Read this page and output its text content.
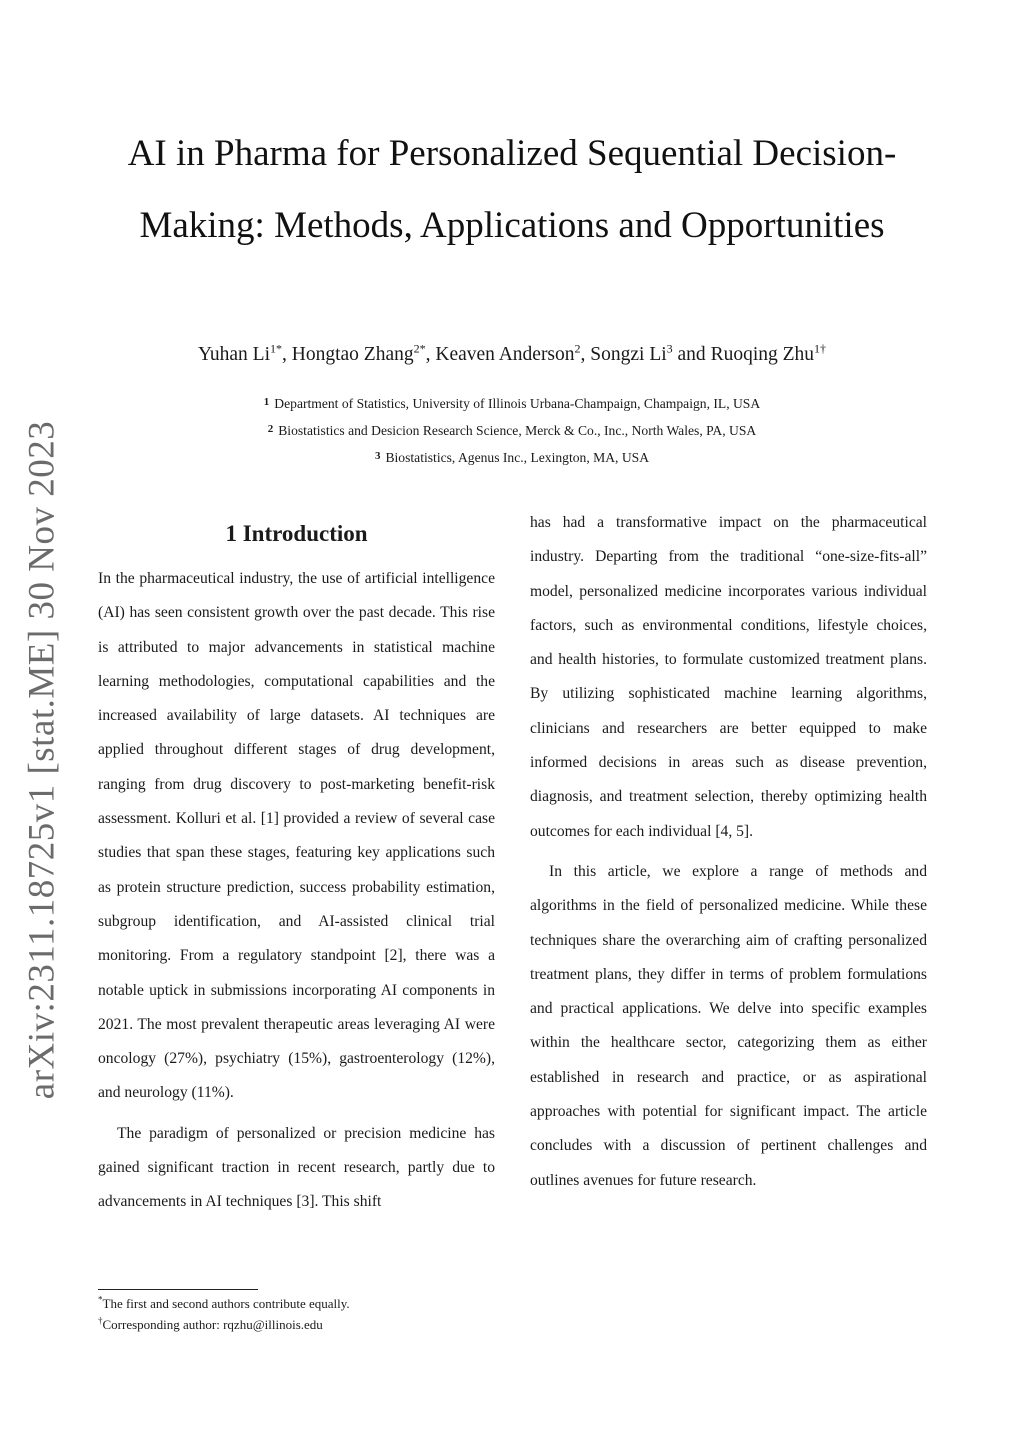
arXiv:2311.18725v1 [stat.ME] 30 Nov 2023
AI in Pharma for Personalized Sequential Decision-Making: Methods, Applications and Opportunities
Yuhan $Li^{1*}$, Hongtao Zhang$^{2*}$, Keaven Anderson$^2$, Songzi Li$^3$ and Ruoqing Zhu$^{1\dagger}$
$^1$ Department of Statistics, University of Illinois Urbana-Champaign, Champaign, IL, USA
$^2$ Biostatistics and Desicion Research Science, Merck & Co., Inc., North Wales, PA, USA
$^3$ Biostatistics, Agenus Inc., Lexington, MA, USA
1 Introduction

In the pharmaceutical industry, the use of artificial intelligence (AI) has seen consistent growth over the past decade. This rise is attributed to major advancements in statistical machine learning methodologies, computational capabilities and the increased availability of large datasets. AI techniques are applied throughout different stages of drug development, ranging from drug discovery to post-marketing benefit-risk assessment. Kolluri et al. [1] provided a review of several case studies that span these stages, featuring key applications such as protein structure prediction, success probability estimation, subgroup identification, and AI-assisted clinical trial monitoring. From a regulatory standpoint [2], there was a notable uptick in submissions incorporating AI components in 2021. The most prevalent therapeutic areas leveraging AI were oncology (27%), psychiatry (15%), gastroenterology (12%), and neurology (11%).

The paradigm of personalized or precision medicine has gained significant traction in recent research, partly due to advancements in AI techniques [3]. This shift

has had a transformative impact on the pharmaceutical industry. Departing from the traditional “one-size-fits-all” model, personalized medicine incorporates various individual factors, such as environmental conditions, lifestyle choices, and health histories, to formulate customized treatment plans. By utilizing sophisticated machine learning algorithms, clinicians and researchers are better equipped to make informed decisions in areas such as disease prevention, diagnosis, and treatment selection, thereby optimizing health outcomes for each individual [4, 5].

In this article, we explore a range of methods and algorithms in the field of personalized medicine. While these techniques share the overarching aim of crafting personalized treatment plans, they differ in terms of problem formulations and practical applications. We delve into specific examples within the healthcare sector, categorizing them as either established in research and practice, or as aspirational approaches with potential for significant impact. The article concludes with a discussion of pertinent challenges and outlines avenues for future research.

*The first and second authors contribute equally.
†Corresponding author: rqzhu@illinois.edu
